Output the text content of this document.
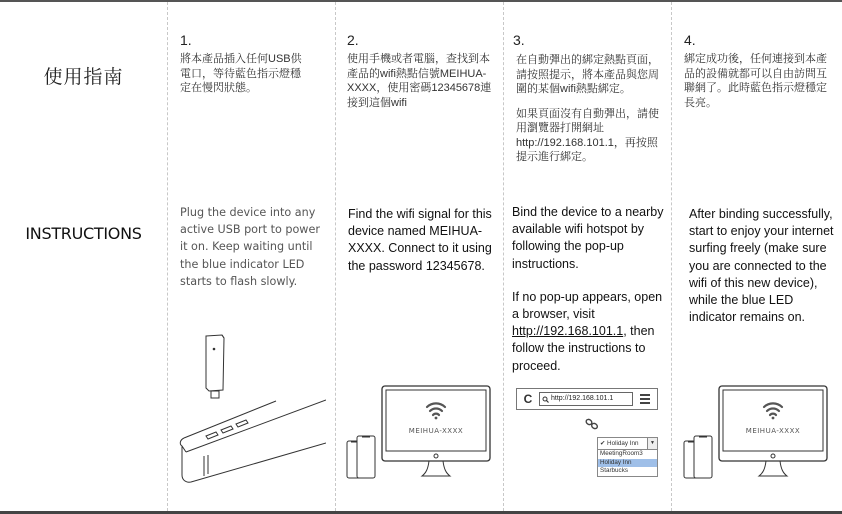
使用指南
INSTRUCTIONS
1.

將本產品插入任何USB供電口，等待藍色指示燈穩定在慢閃狀態。

Plug the device into any active USB port to power it on. Keep waiting until the blue indicator LED starts to flash slowly.

2.

使用手機或者電腦，查找到本產品的wifi熱點信號MEIHUA-XXXX，使用密碼12345678連接到這個wifi

Find the wifi signal for this device named MEIHUA-XXXX. Connect to it using the password 12345678.

MEIHUA-XXXX
3.

在自動彈出的綁定熱點頁面，請按照提示，將本產品與您周圍的某個wifi熱點綁定。

如果頁面沒有自動彈出，請使用瀏覽器打開網址http://192.168.101.1，再按照提示進行綁定。

Bind the device to a nearby available wifi hotspot by following the pop-up instructions.

If no pop-up appears, open a browser, visit http://192.168.101.1, then follow the instructions to proceed.

C	http://192.168.101.1
✔ Holiday Inn	▼
MeetingRoom3
Holiday Inn
Starbucks
4.

綁定成功後，任何連接到本產品的設備就都可以自由訪問互聯網了。此時藍色指示燈穩定長亮。

After binding successfully, start to enjoy your internet surfing freely (make sure you are connected to the wifi of this new device), while the blue LED indicator remains on.

MEIHUA-XXXX
